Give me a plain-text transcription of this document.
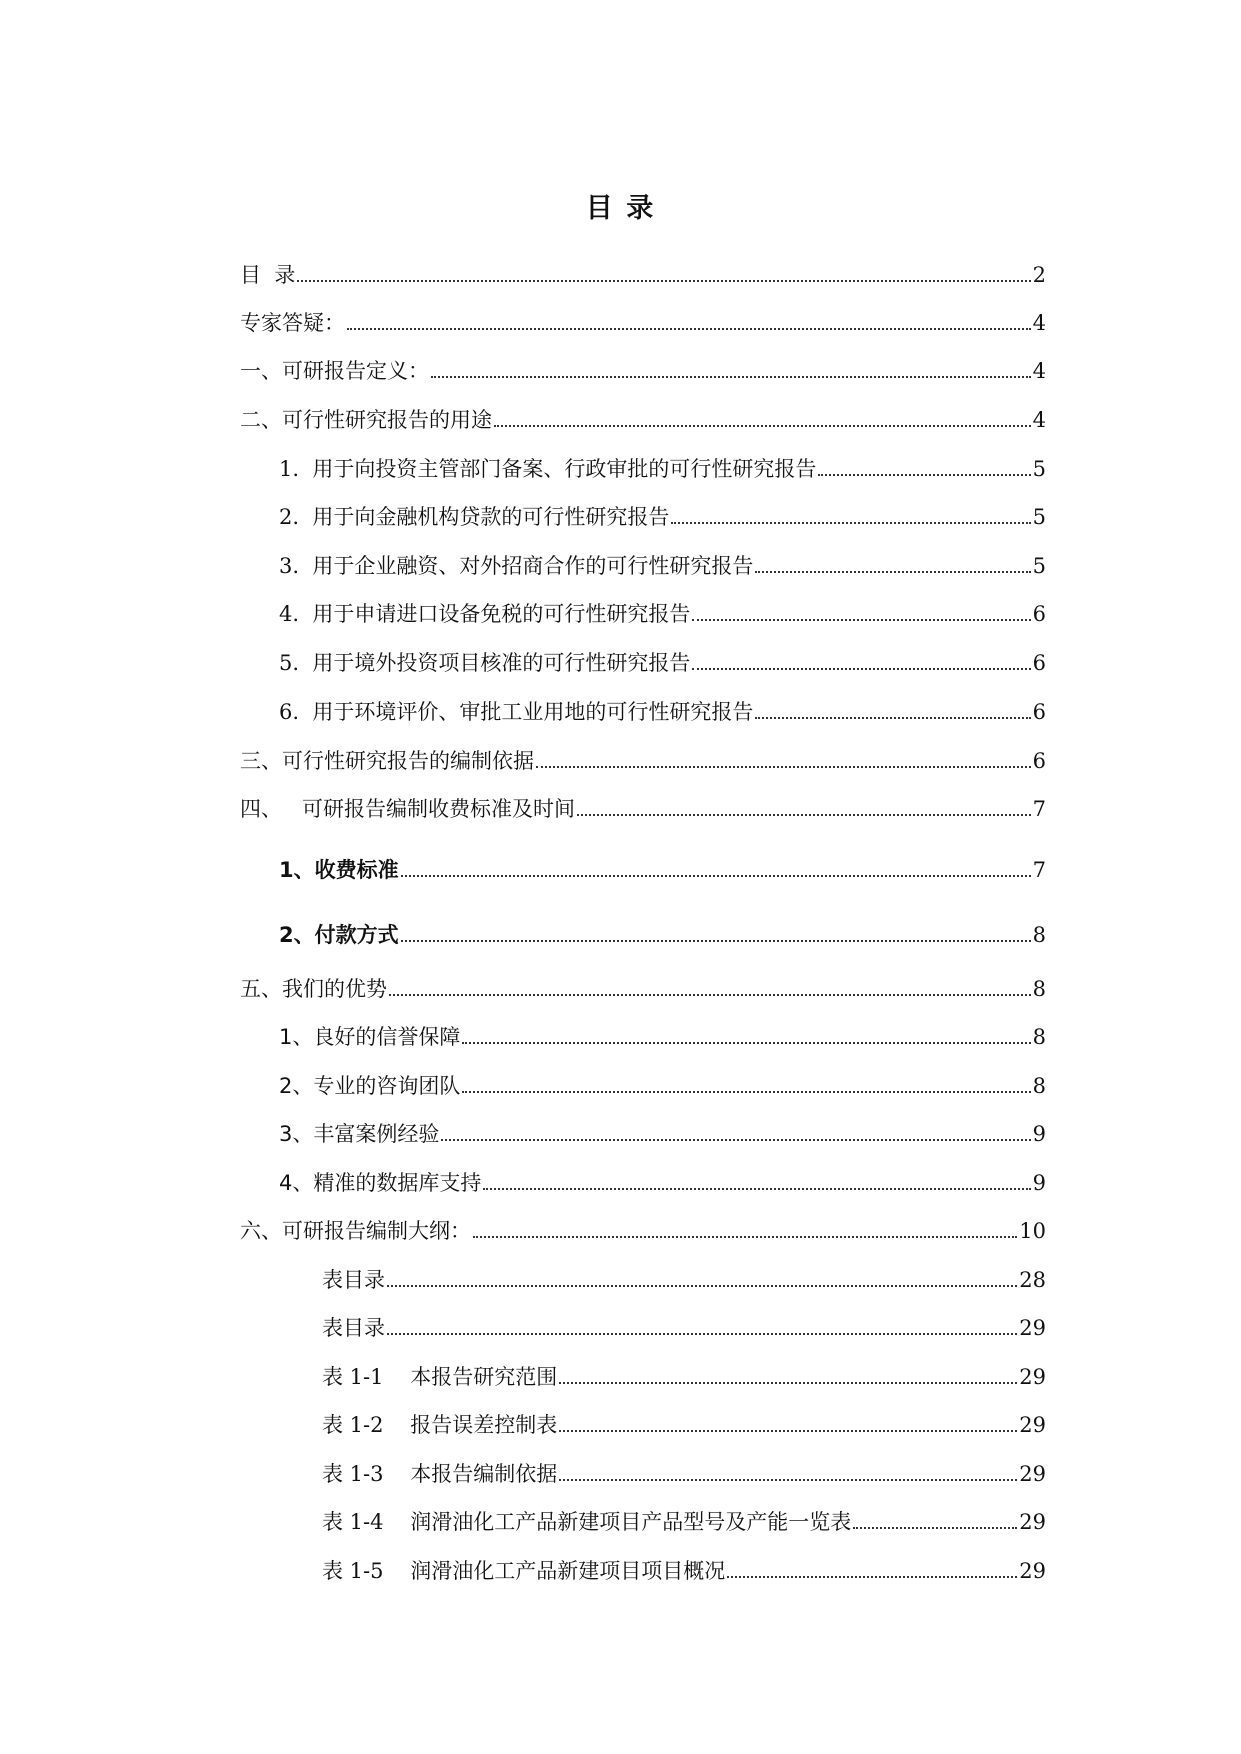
目 录
目  录	2
专家答疑：	4
一、可研报告定义：	4
二、可行性研究报告的用途	4
1.  用于向投资主管部门备案、行政审批的可行性研究报告	5
2.  用于向金融机构贷款的可行性研究报告	5
3.  用于企业融资、对外招商合作的可行性研究报告	5
4.  用于申请进口设备免税的可行性研究报告	6
5.  用于境外投资项目核准的可行性研究报告	6
6.  用于环境评价、审批工业用地的可行性研究报告	6
三、可行性研究报告的编制依据	6
四、   可研报告编制收费标准及时间	7
1、收费标准	7
2、付款方式	8
五、我们的优势	8
1、良好的信誉保障	8
2、专业的咨询团队	8
3、丰富案例经验	9
4、精准的数据库支持	9
六、可研报告编制大纲：	10
表目录	28
表目录	29
表 1-1    本报告研究范围	29
表 1-2    报告误差控制表	29
表 1-3    本报告编制依据	29
表 1-4    润滑油化工产品新建项目产品型号及产能一览表	29
表 1-5    润滑油化工产品新建项目项目概况	29
